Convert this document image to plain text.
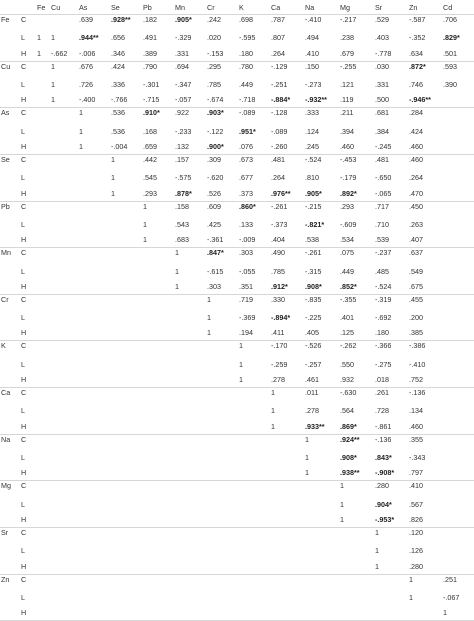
		Fe	Cu	As	Se	Pb	Mn	Cr	K	Ca	Na	Mg	Sr	Zn	Cd
Fe	C			.639	.928**	.182	.905*	.242	.698	.787	-.410	-.217	.529	-.587	.706
	L	1	1	.944**	.656	.491	-.329	.020	-.595	.807	.494	.238	.403	-.352	.829*
	H	1	-.662	-.006	.346	.389	.331	-.153	.180	.264	.410	.679	-.778	.634	.501
Cu	C		1	.676	.424	.790	.694	.295	.780	-.129	.150	-.255	.030	.872*	.593
	L		1	.726	.336	-.301	-.347	.785	.449	-.251	-.273	.121	.331	.746	.390
	H		1	-.400	-.766	-.715	-.057	-.674	-.718	-.884*	-.932**	.119	.500	-.946**	
As	C			1	.536	.910*	.922	.903*	-.089	-.128	.333	.211	.681	.284	
	L			1	.536	.168	-.233	-.122	.951*	-.089	.124	.394	.384	.424	
	H			1	-.004	.659	.132	.900*	.076	-.260	.245	.460	-.245	.460	
Se	C				1	.442	.157	.309	.673	.481	-.524	-.453	.481	.460	
	L				1	.545	-.575	-.620	.677	.264	.810	-.179	-.650	.264	
	H				1	.293	.878*	.526	.373	.976**	.905*	.892*	-.065	.470	
Pb	C					1	.158	.609	.860*	-.261	-.215	.293	.717	.450	
	L					1	.543	.425	.133	-.373	-.821*	-.609	.710	.263	
	H					1	.683	-.361	-.009	.404	.538	.534	.539	.407	
Mn	C						1	.847*	.303	.490	-.261	.075	-.237	.637	
	L						1	-.615	-.055	.785	-.315	.449	.485	.549	
	H						1	.303	.351	.912*	.908*	.852*	-.524	.675	
Cr	C							1	.719	.330	-.835	-.355	-.319	.455	
	L							1	-.369	-.894*	-.225	.401	-.692	.200	
	H							1	.194	.411	.405	.125	.180	.385	
K	C								1	-.170	-.526	-.262	-.366	-.386	
	L								1	-.259	-.257	.550	-.275	-.410	
	H								1	.278	.461	.932	.018	.752	
Ca	C									1	.011	-.630	.261	-.136	
	L									1	.278	.564	.728	.134	
	H									1	.933**	.869*	-.861	.460	
Na	C										1	.924**	-.136	.355	
	L										1	.908*	.843*	-.343	
	H										1	.938**	-.908*	.797	
Mg	C											1	.280	.410	
	L											1	.904*	.567	
	H											1	-.953*	.826	
Sr	C												1	.120	
	L												1	.126	
	H												1	.280	
Zn	C													1	.251
	L													1	-.067
	H														1
